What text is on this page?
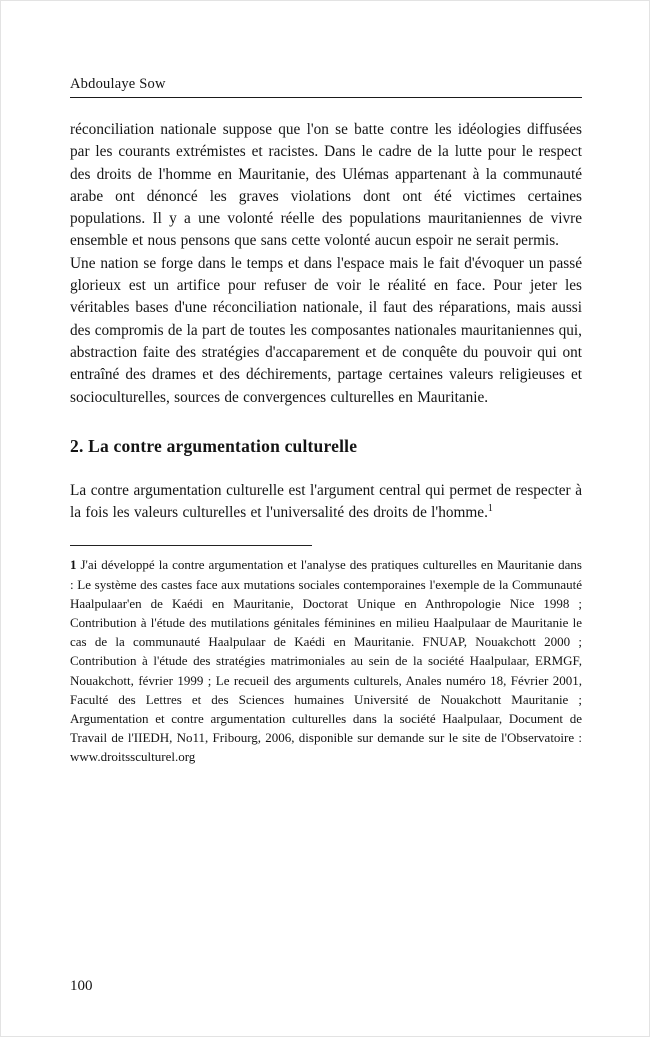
Abdoulaye Sow

réconciliation nationale suppose que l'on se batte contre les idéologies diffusées par les courants extrémistes et racistes. Dans le cadre de la lutte pour le respect des droits de l'homme en Mauritanie, des Ulémas appartenant à la communauté arabe ont dénoncé les graves violations dont ont été victimes certaines populations. Il y a une volonté réelle des populations mauritaniennes de vivre ensemble et nous pensons que sans cette volonté aucun espoir ne serait permis.

Une nation se forge dans le temps et dans l'espace mais le fait d'évoquer un passé glorieux est un artifice pour refuser de voir le réalité en face. Pour jeter les véritables bases d'une réconciliation nationale, il faut des réparations, mais aussi des compromis de la part de toutes les composantes nationales mauritaniennes qui, abstraction faite des stratégies d'accaparement et de conquête du pouvoir qui ont entraîné des drames et des déchirements, partage certaines valeurs religieuses et socioculturelles, sources de convergences culturelles en Mauritanie.

2. La contre argumentation culturelle

La contre argumentation culturelle est l'argument central qui permet de respecter à la fois les valeurs culturelles et l'universalité des droits de l'homme.$^1$

1 J'ai développé la contre argumentation et l'analyse des pratiques culturelles en Mauritanie dans : Le système des castes face aux mutations sociales contemporaines l'exemple de la Communauté Haalpulaar'en de Kaédi en Mauritanie, Doctorat Unique en Anthropologie Nice 1998 ; Contribution à l'étude des mutilations génitales féminines en milieu Haalpulaar de Mauritanie le cas de la communauté Haalpulaar de Kaédi en Mauritanie. FNUAP, Nouakchott 2000 ; Contribution à l'étude des stratégies matrimoniales au sein de la société Haalpulaar, ERMGF, Nouakchott, février 1999 ; Le recueil des arguments culturels, Anales numéro 18, Février 2001, Faculté des Lettres et des Sciences humaines Université de Nouakchott Mauritanie ; Argumentation et contre argumentation culturelles dans la société Haalpulaar, Document de Travail de l'IIEDH, No11, Fribourg, 2006, disponible sur demande sur le site de l'Observatoire : www.droitssculturel.org

100
